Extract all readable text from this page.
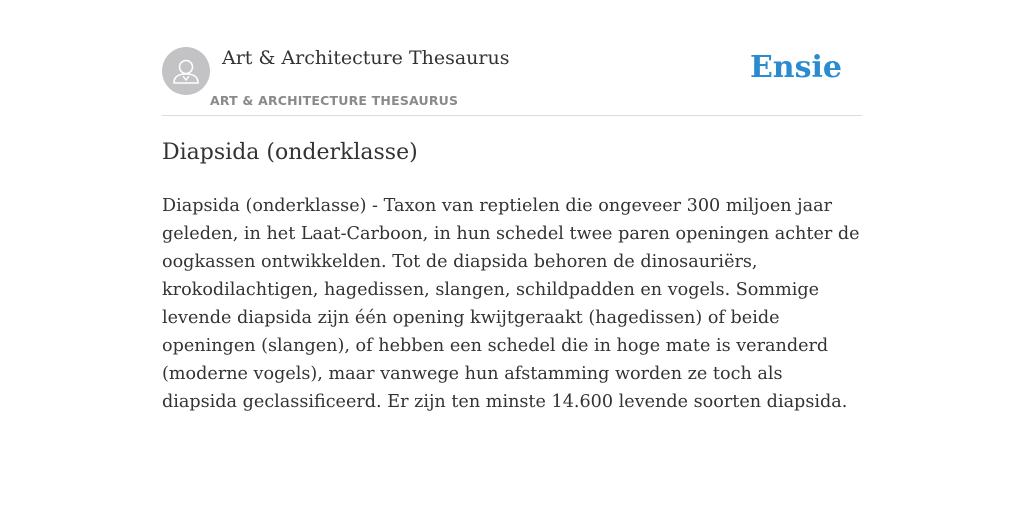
Art & Architecture Thesaurus
ART & ARCHITECTURE THESAURUS
Ensie
Diapsida (onderklasse)

Diapsida (onderklasse) - Taxon van reptielen die ongeveer 300 miljoen jaar geleden, in het Laat-Carboon, in hun schedel twee paren openingen achter de oogkassen ontwikkelden. Tot de diapsida behoren de dinosauriërs, krokodilachtigen, hagedissen, slangen, schildpadden en vogels. Sommige levende diapsida zijn één opening kwijtgeraakt (hagedissen) of beide openingen (slangen), of hebben een schedel die in hoge mate is veranderd (moderne vogels), maar vanwege hun afstamming worden ze toch als diapsida geclassificeerd. Er zijn ten minste 14.600 levende soorten diapsida.
